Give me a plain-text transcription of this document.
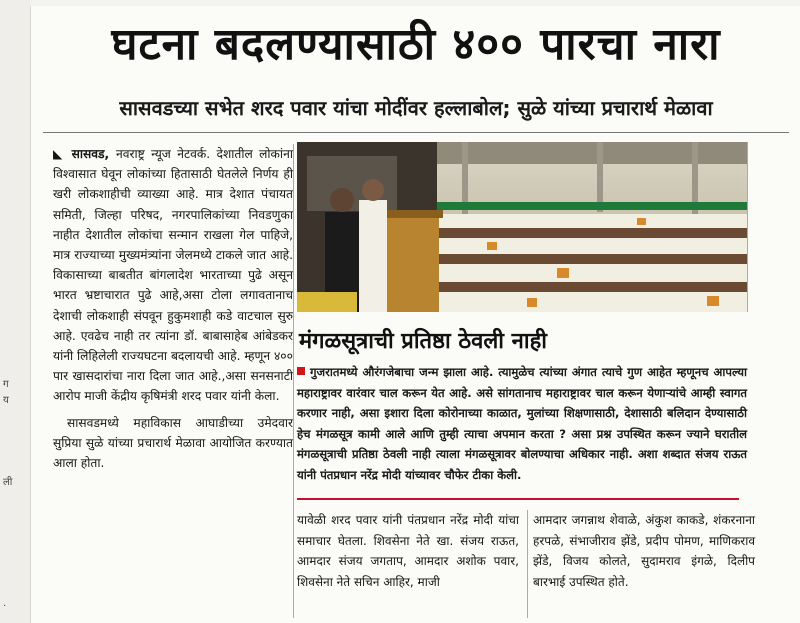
ग
य
ली
.
घटना बदलण्यासाठी ४०० पारचा नारा
सासवडच्या सभेत शरद पवार यांचा मोदींवर हल्लाबोल; सुळे यांच्या प्रचारार्थ मेळावा

◣ सासवड, नवराष्ट्र न्यूज नेटवर्क. देशातील लोकांना विश्वासात घेवून लोकांच्या हितासाठी घेतलेले निर्णय ही खरी लोकशाहीची व्याख्या आहे. मात्र देशात पंचायत समिती, जिल्हा परिषद, नगरपालिकांच्या निवडणुका नाहीत देशातील लोकांचा सन्मान राखला गेल पाहिजे, मात्र राज्याच्या मुख्यमंत्र्यांना जेलमध्ये टाकले जात आहे. विकासाच्या बाबतीत बांगलादेश भारताच्या पुढे असून भारत भ्रष्टाचारात पुढे आहे,असा टोला लगावतानाच देशाची लोकशाही संपवून हुकुमशाही कडे वाटचाल सुरु आहे. एवढेच नाही तर त्यांना डॉ. बाबासाहेब आंबेडकर यांनी लिहिलेली राज्यघटना बदलायची आहे. म्हणून ४०० पार खासदारांचा नारा दिला जात आहे.,असा सनसनाटी आरोप माजी केंद्रीय कृषिमंत्री शरद पवार यांनी केला.

सासवडमध्ये महाविकास आघाडीच्या उमेदवार सुप्रिया सुळे यांच्या प्रचारार्थ मेळावा आयोजित करण्यात आला होता.

मंगळसूत्राची प्रतिष्ठा ठेवली नाही
गुजरातमध्ये औरंगजेबाचा जन्म झाला आहे. त्यामुळेच त्यांच्या अंगात त्याचे गुण आहेत म्हणूनच आपल्या महाराष्ट्रावर वारंवार चाल करून येत आहे. असे सांगतानाच महाराष्ट्रावर चाल करून येणाऱ्यांचे आम्ही स्वागत करणार नाही, असा इशारा दिला कोरोनाच्या काळात, मुलांच्या शिक्षणासाठी, देशासाठी बलिदान देण्यासाठी हेच मंगळसूत्र कामी आले आणि तुम्ही त्याचा अपमान करता ? असा प्रश्न उपस्थित करून ज्याने घरातील मंगळसूत्राची प्रतिष्ठा ठेवली नाही त्याला मंगळसूत्रावर बोलण्याचा अधिकार नाही. अशा शब्दात संजय राऊत यांनी पंतप्रधान नरेंद्र मोदी यांच्यावर चौफेर टीका केली.
यावेळी शरद पवार यांनी पंतप्रधान नरेंद्र मोदी यांचा समाचार घेतला. शिवसेना नेते खा. संजय राऊत, आमदार संजय जगताप, आमदार अशोक पवार, शिवसेना नेते सचिन आहिर, माजी
आमदार जगन्नाथ शेवाळे, अंकुश काकडे, शंकरनाना हरपळे, संभाजीराव झेंडे, प्रदीप पोमण, माणिकराव झेंडे, विजय कोलते, सुदामराव इंगळे, दिलीप बारभाई उपस्थित होते.
